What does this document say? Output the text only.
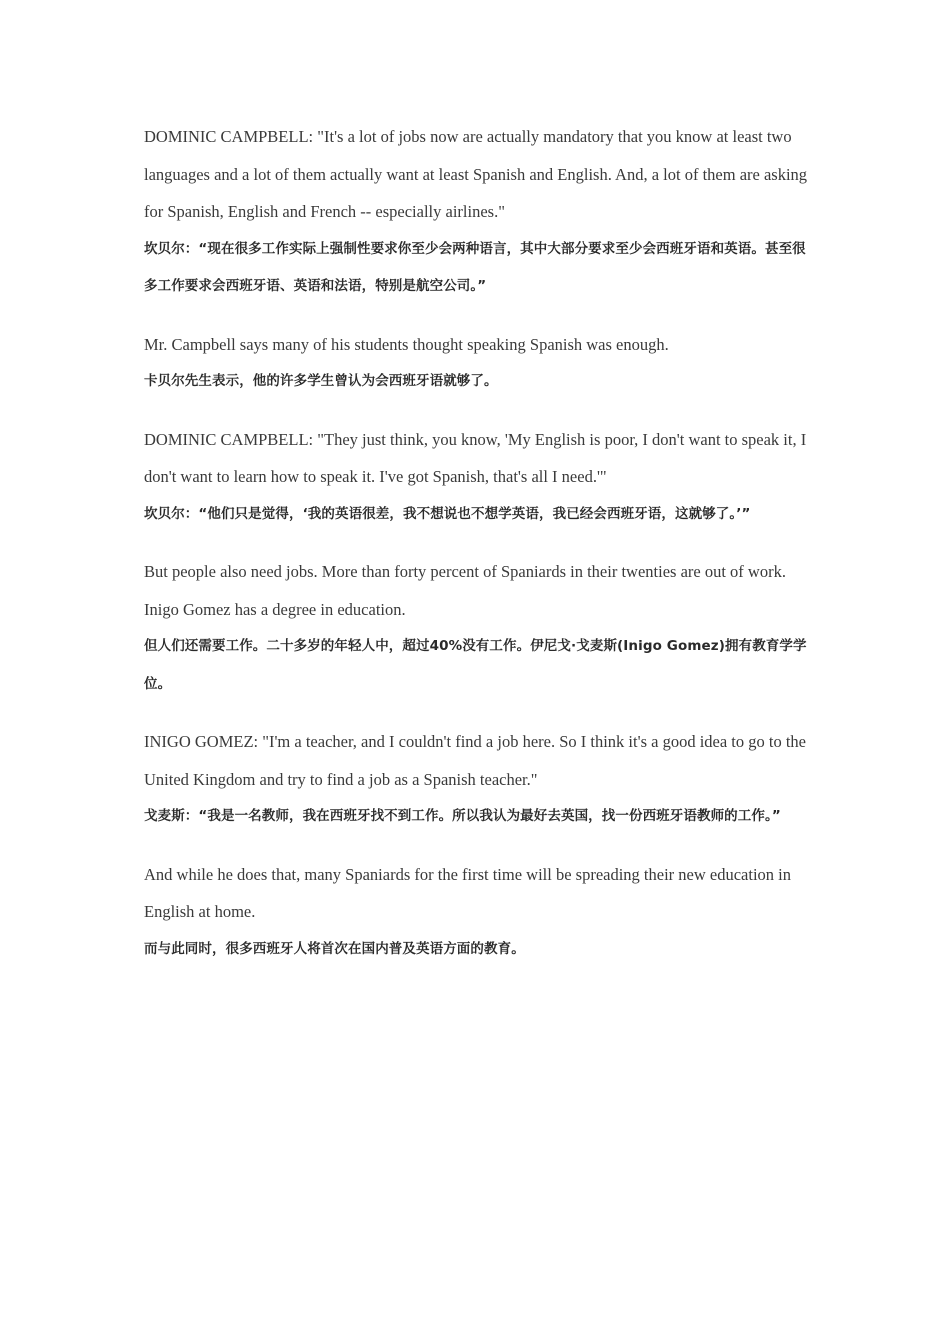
DOMINIC CAMPBELL: "It's a lot of jobs now are actually mandatory that you know at least two languages and a lot of them actually want at least Spanish and English. And, a lot of them are asking for Spanish, English and French -- especially airlines."

坎贝尔：“现在很多工作实际上强制性要求你至少会两种语言，其中大部分要求至少会西班牙语和英语。甚至很多工作要求会西班牙语、英语和法语，特别是航空公司。”

Mr. Campbell says many of his students thought speaking Spanish was enough.

卡贝尔先生表示，他的许多学生曾认为会西班牙语就够了。

DOMINIC CAMPBELL: "They just think, you know, 'My English is poor, I don't want to speak it, I don't want to learn how to speak it. I've got Spanish, that's all I need.'"

坎贝尔：“他们只是觉得，‘我的英语很差，我不想说也不想学英语，我已经会西班牙语，这就够了。’”

But people also need jobs. More than forty percent of Spaniards in their twenties are out of work. Inigo Gomez has a degree in education.

但人们还需要工作。二十多岁的年轻人中，超过40%没有工作。伊尼戈·戈麦斯(Inigo Gomez)拥有教育学学位。

INIGO GOMEZ: "I'm a teacher, and I couldn't find a job here. So I think it's a good idea to go to the United Kingdom and try to find a job as a Spanish teacher."

戈麦斯：“我是一名教师，我在西班牙找不到工作。所以我认为最好去英国，找一份西班牙语教师的工作。”

And while he does that, many Spaniards for the first time will be spreading their new education in English at home.

而与此同时，很多西班牙人将首次在国内普及英语方面的教育。
